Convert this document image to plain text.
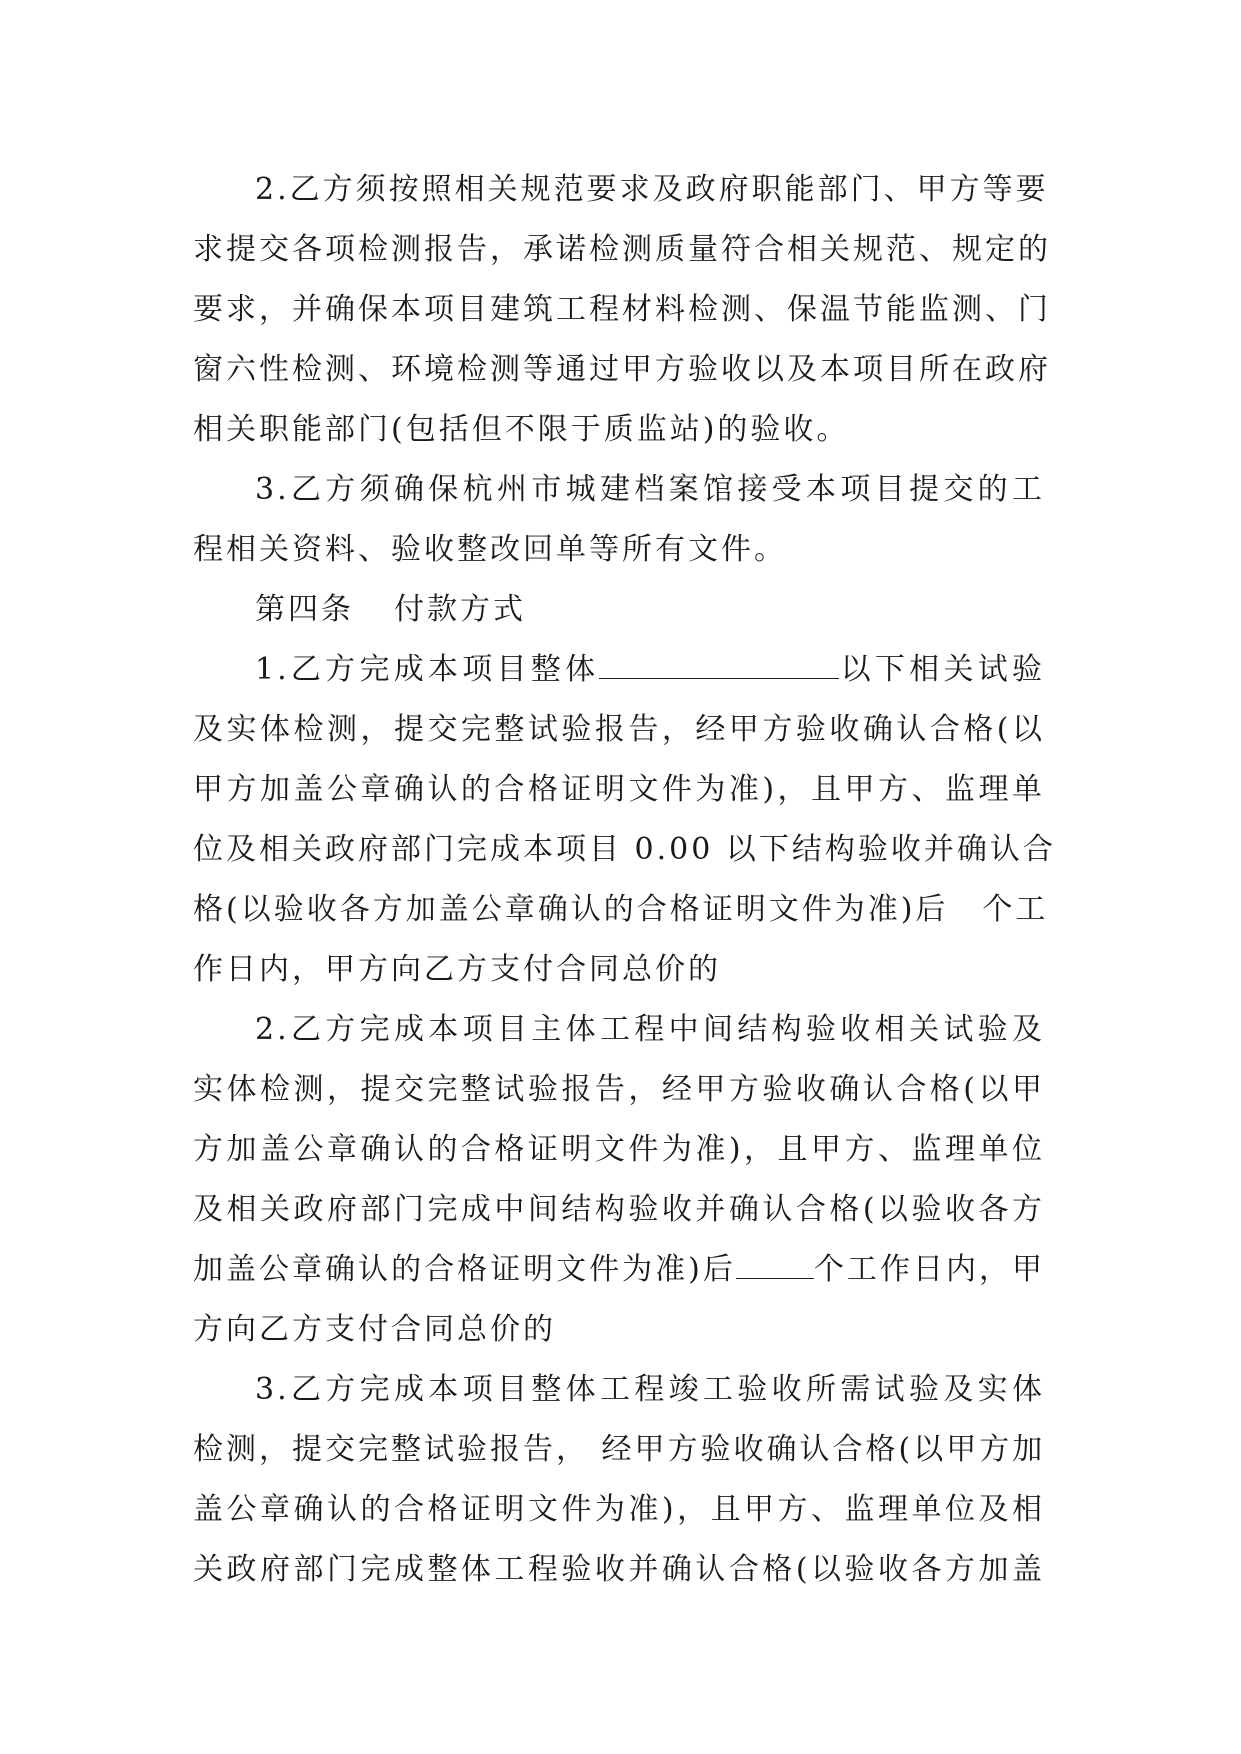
2.乙方须按照相关规范要求及政府职能部门、甲方等要
求提交各项检测报告，承诺检测质量符合相关规范、规定的
要求，并确保本项目建筑工程材料检测、保温节能监测、门
窗六性检测、环境检测等通过甲方验收以及本项目所在政府
相关职能部门(包括但不限于质监站)的验收。
3.乙方须确保杭州市城建档案馆接受本项目提交的工
程相关资料、验收整改回单等所有文件。
第四条 付款方式
1.乙方完成本项目整体	以下相关试验
及实体检测，提交完整试验报告，经甲方验收确认合格(以
甲方加盖公章确认的合格证明文件为准)，且甲方、监理单
位及相关政府部门完成本项目 0.00 以下结构验收并确认合
格(以验收各方加盖公章确认的合格证明文件为准)后 个工
作日内，甲方向乙方支付合同总价的
2.乙方完成本项目主体工程中间结构验收相关试验及
实体检测，提交完整试验报告，经甲方验收确认合格(以甲
方加盖公章确认的合格证明文件为准)，且甲方、监理单位
及相关政府部门完成中间结构验收并确认合格(以验收各方
加盖公章确认的合格证明文件为准)后	个工作日内，甲
方向乙方支付合同总价的
3.乙方完成本项目整体工程竣工验收所需试验及实体
检测，提交完整试验报告， 经甲方验收确认合格(以甲方加
盖公章确认的合格证明文件为准)，且甲方、监理单位及相
关政府部门完成整体工程验收并确认合格(以验收各方加盖
